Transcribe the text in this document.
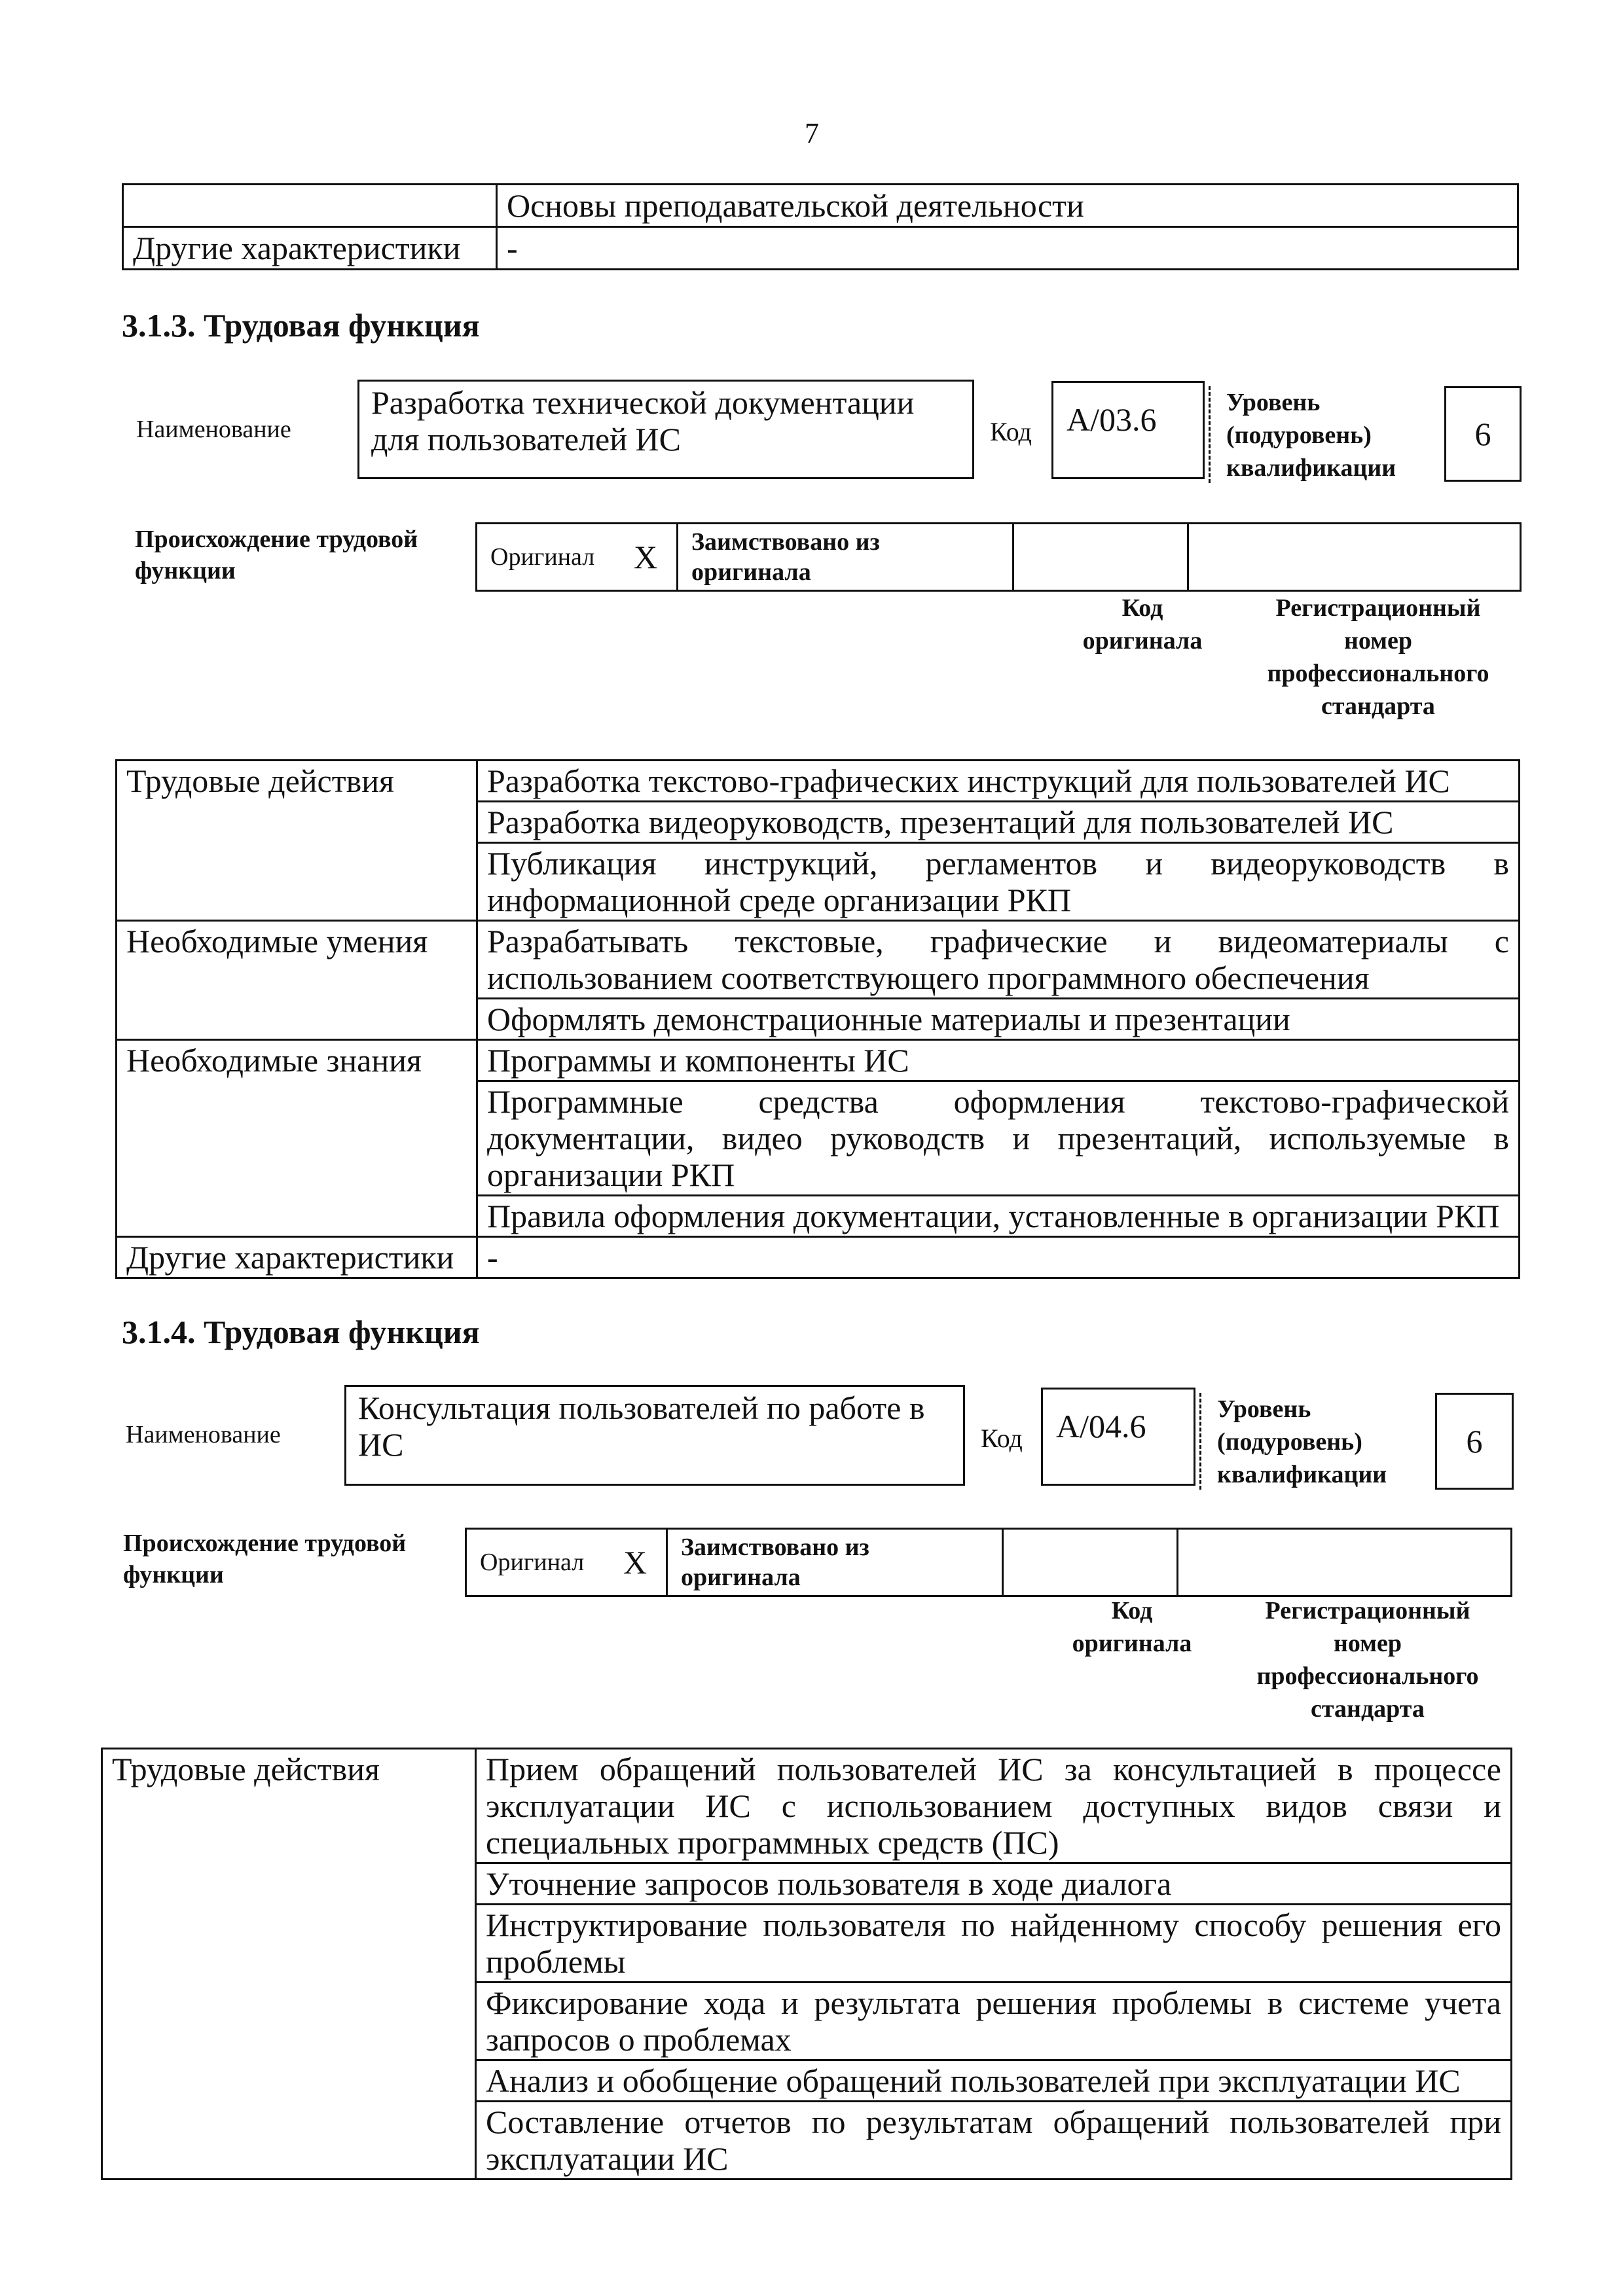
7
	Основы преподавательской деятельности
Другие характеристики	-
3.1.3. Трудовая функция
Наименование
Разработка технической документации
для пользователей ИС	Код	А/03.6	Уровень
(подуровень)
квалификации
6
Происхождение трудовой
функции	Оригинал	X	Заимствовано из
оригинала

Код
оригинала
Регистрационный
номер
профессионального
стандарта
Трудовые действия	Разработка текстово-графических инструкций для пользователей ИС
	Разработка видеоруководств, презентаций для пользователей ИС
	Публикация инструкций, регламентов и видеоруководств в информационной среде организации РКП
Необходимые умения	Разрабатывать текстовые, графические и видеоматериалы с использованием соответствующего программного обеспечения
	Оформлять демонстрационные материалы и презентации
Необходимые знания	Программы и компоненты ИС
	Программные средства оформления текстово-графической документации, видео руководств и презентаций, используемые в организации РКП
	Правила оформления документации, установленные в организации РКП
Другие характеристики	-
3.1.4. Трудовая функция
Наименование
Консультация пользователей по работе в
ИС	Код	А/04.6	Уровень
(подуровень)
квалификации
6
Происхождение трудовой
функции	Оригинал	X	Заимствовано из
оригинала

Код
оригинала
Регистрационный
номер
профессионального
стандарта
Трудовые действия	Прием обращений пользователей ИС за консультацией в процессе эксплуатации ИС с использованием доступных видов связи и специальных программных средств (ПС)
Уточнение запросов пользователя в ходе диалога
Инструктирование пользователя по найденному способу решения его проблемы
Фиксирование хода и результата решения проблемы в системе учета запросов о проблемах
Анализ и обобщение обращений пользователей при эксплуатации ИС
Составление отчетов по результатам обращений пользователей при эксплуатации ИС
